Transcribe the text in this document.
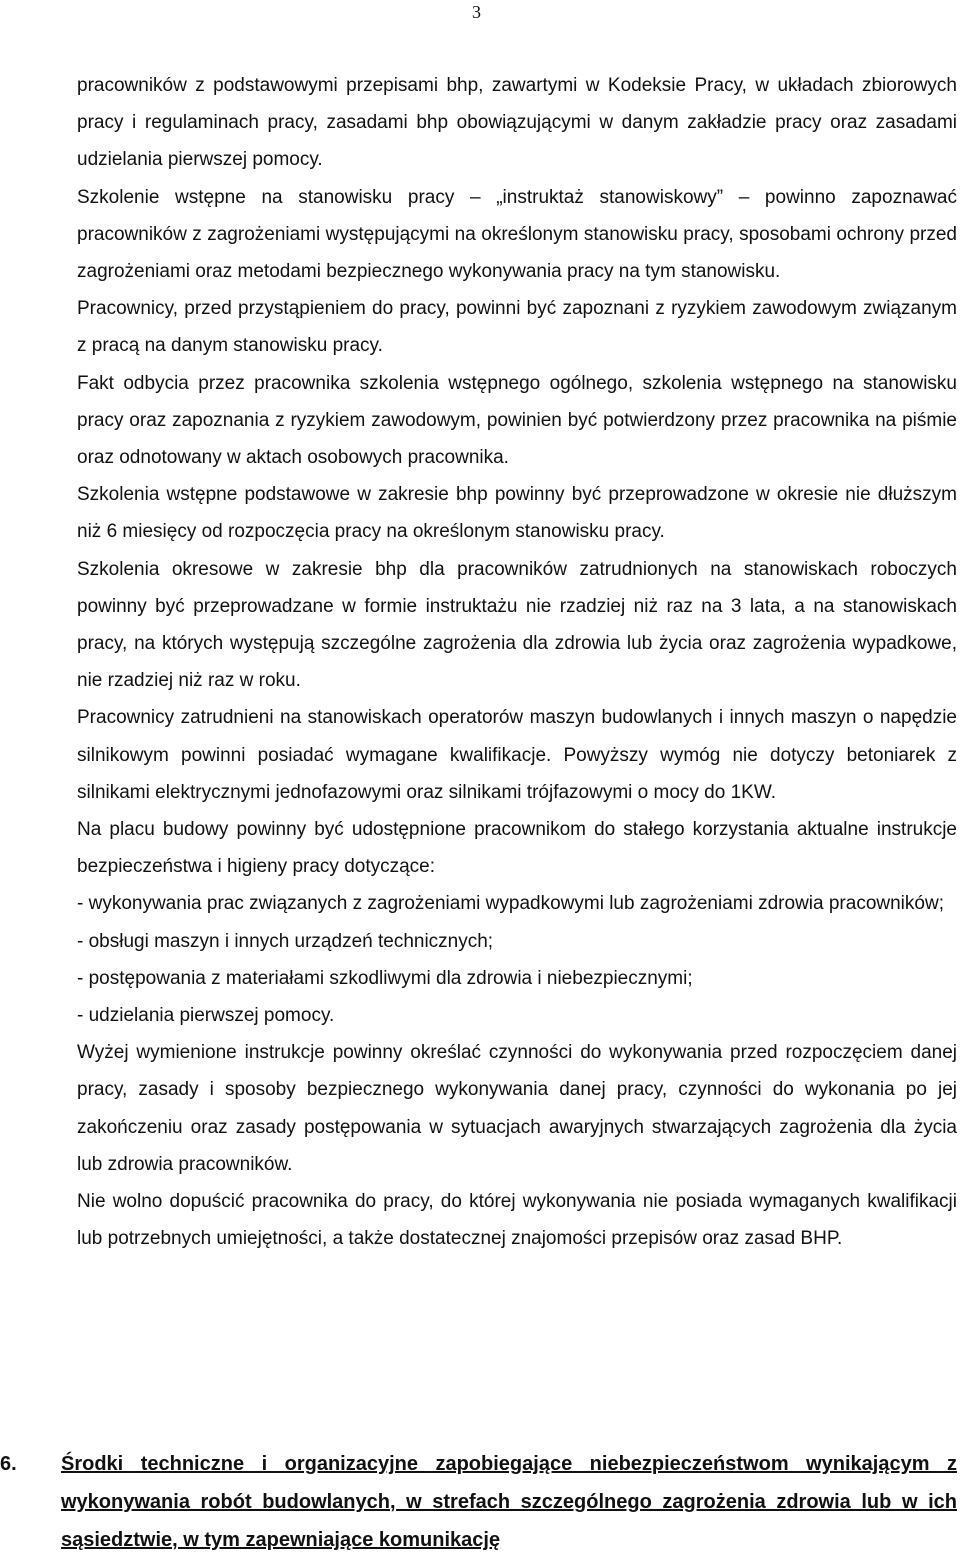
3

pracowników z podstawowymi przepisami bhp, zawartymi w Kodeksie Pracy, w układach zbiorowych pracy i regulaminach pracy, zasadami bhp obowiązującymi w danym zakładzie pracy oraz zasadami udzielania pierwszej pomocy.

Szkolenie wstępne na stanowisku pracy – „instruktaż stanowiskowy” – powinno zapoznawać pracowników z zagrożeniami występującymi na określonym stanowisku pracy, sposobami ochrony przed zagrożeniami oraz metodami bezpiecznego wykonywania pracy na tym stanowisku.

Pracownicy, przed przystąpieniem do pracy, powinni być zapoznani z ryzykiem zawodowym związanym z pracą na danym stanowisku pracy.

Fakt odbycia przez pracownika szkolenia wstępnego ogólnego, szkolenia wstępnego na stanowisku pracy oraz zapoznania z ryzykiem zawodowym, powinien być potwierdzony przez pracownika na piśmie oraz odnotowany w aktach osobowych pracownika.

Szkolenia wstępne podstawowe w zakresie bhp powinny być przeprowadzone w okresie nie dłuższym niż 6 miesięcy od rozpoczęcia pracy na określonym stanowisku pracy.

Szkolenia okresowe w zakresie bhp dla pracowników zatrudnionych na stanowiskach roboczych powinny być przeprowadzane w formie instruktażu nie rzadziej niż raz na 3 lata, a na stanowiskach pracy, na których występują szczególne zagrożenia dla zdrowia lub życia oraz zagrożenia wypadkowe, nie rzadziej niż raz w roku.

Pracownicy zatrudnieni na stanowiskach operatorów maszyn budowlanych i innych maszyn o napędzie silnikowym powinni posiadać wymagane kwalifikacje. Powyższy wymóg nie dotyczy betoniarek z silnikami elektrycznymi jednofazowymi oraz silnikami trójfazowymi o mocy do 1KW.

Na placu budowy powinny być udostępnione pracownikom do stałego korzystania aktualne instrukcje bezpieczeństwa i higieny pracy dotyczące:

- wykonywania prac związanych z zagrożeniami wypadkowymi lub zagrożeniami zdrowia pracowników;

- obsługi maszyn i innych urządzeń technicznych;

- postępowania z materiałami szkodliwymi dla zdrowia i niebezpiecznymi;

- udzielania pierwszej pomocy.

Wyżej wymienione instrukcje powinny określać czynności do wykonywania przed rozpoczęciem danej pracy, zasady i sposoby bezpiecznego wykonywania danej pracy, czynności do wykonania po jej zakończeniu oraz zasady postępowania w sytuacjach awaryjnych stwarzających zagrożenia dla życia lub zdrowia pracowników.

Nie wolno dopuścić pracownika do pracy, do której wykonywania nie posiada wymaganych kwalifikacji lub potrzebnych umiejętności, a także dostatecznej znajomości przepisów oraz zasad BHP.

6. Środki techniczne i organizacyjne zapobiegające niebezpieczeństwom wynikającym z wykonywania robót budowlanych, w strefach szczególnego zagrożenia zdrowia lub w ich sąsiedztwie, w tym zapewniające komunikację
